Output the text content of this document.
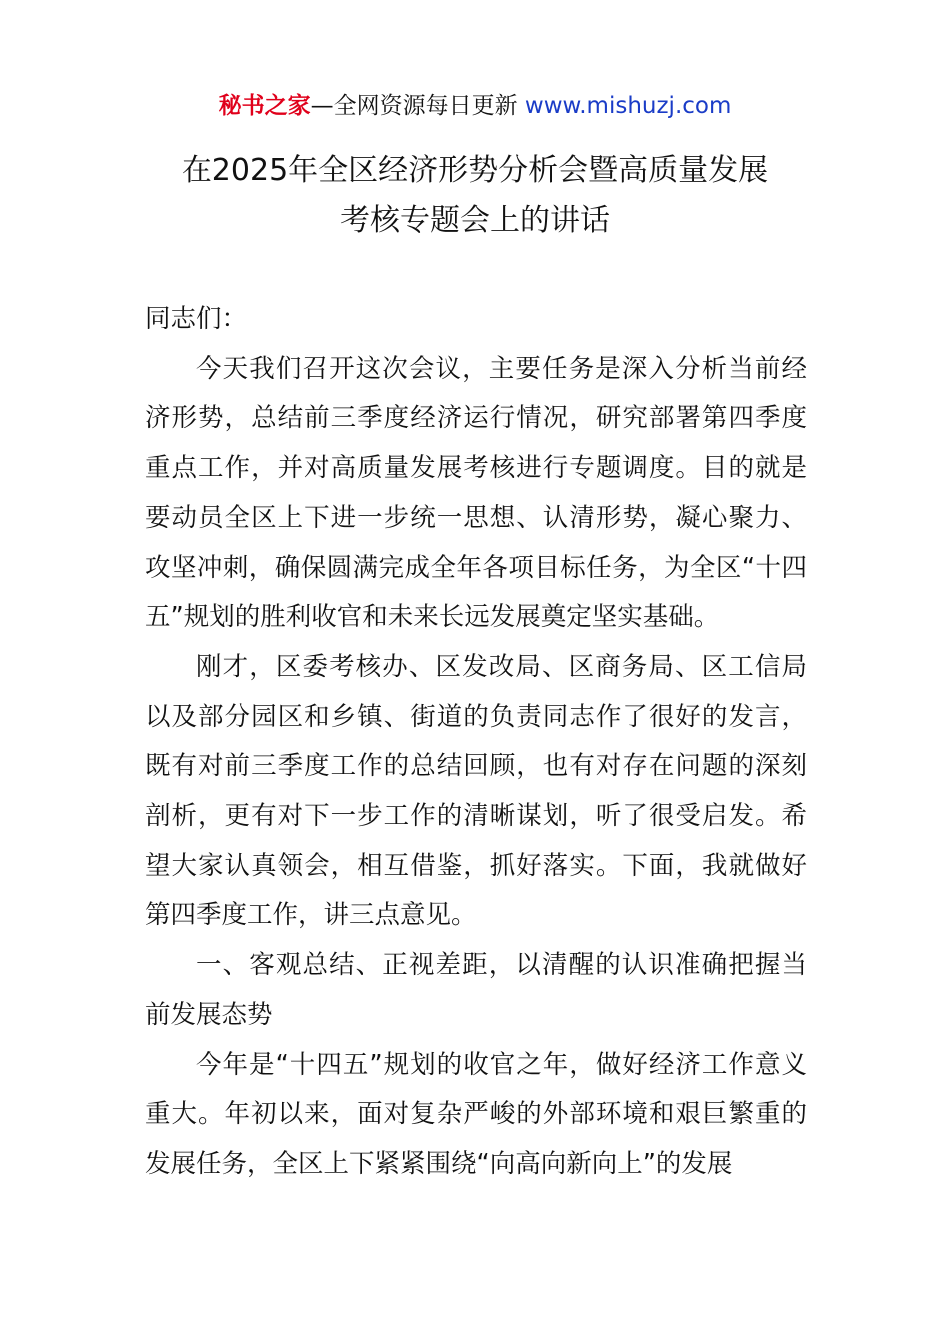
秘书之家—全网资源每日更新 www.mishuzj.com
在2025年全区经济形势分析会暨高质量发展
考核专题会上的讲话

同志们：

今天我们召开这次会议，主要任务是深入分析当前经济形势，总结前三季度经济运行情况，研究部署第四季度重点工作，并对高质量发展考核进行专题调度。目的就是要动员全区上下进一步统一思想、认清形势，凝心聚力、攻坚冲刺，确保圆满完成全年各项目标任务，为全区“十四五”规划的胜利收官和未来长远发展奠定坚实基础。

刚才，区委考核办、区发改局、区商务局、区工信局以及部分园区和乡镇、街道的负责同志作了很好的发言，既有对前三季度工作的总结回顾，也有对存在问题的深刻剖析，更有对下一步工作的清晰谋划，听了很受启发。希望大家认真领会，相互借鉴，抓好落实。下面，我就做好第四季度工作，讲三点意见。

一、客观总结、正视差距，以清醒的认识准确把握当前发展态势

今年是“十四五”规划的收官之年，做好经济工作意义重大。年初以来，面对复杂严峻的外部环境和艰巨繁重的发展任务，全区上下紧紧围绕“向高向新向上”的发展
